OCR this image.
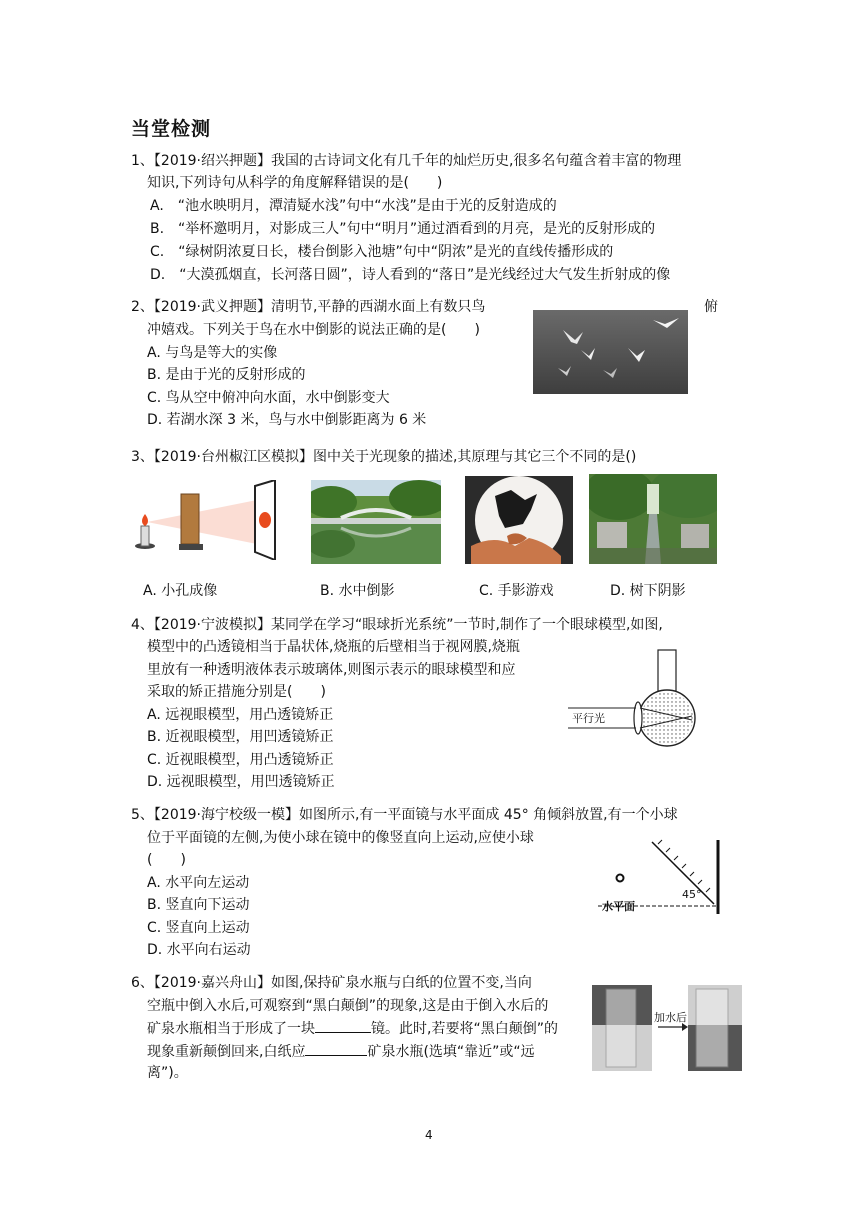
当堂检测
1、【2019·绍兴押题】我国的古诗词文化有几千年的灿烂历史,很多名句蕴含着丰富的物理
知识,下列诗句从科学的角度解释错误的是(　　)
A.　“池水映明月，潭清疑水浅”句中“水浅”是由于光的反射造成的
B.　“举杯邀明月，对影成三人”句中“明月”通过酒看到的月亮，是光的反射形成的
C.　“绿树阴浓夏日长，楼台倒影入池塘”句中“阴浓”是光的直线传播形成的
D.　“大漠孤烟直，长河落日圆”，诗人看到的“落日”是光线经过大气发生折射成的像
2、【2019·武义押题】清明节,平静的西湖水面上有数只鸟	俯
冲嬉戏。下列关于鸟在水中倒影的说法正确的是(　　)
A. 与鸟是等大的实像
B. 是由于光的反射形成的
C. 鸟从空中俯冲向水面，水中倒影变大
D. 若湖水深 3 米，鸟与水中倒影距离为 6 米
3、【2019·台州椒江区模拟】图中关于光现象的描述,其原理与其它三个不同的是()
A. 小孔成像	B. 水中倒影	C. 手影游戏	D. 树下阴影
4、【2019·宁波模拟】某同学在学习“眼球折光系统”一节时,制作了一个眼球模型,如图,
模型中的凸透镜相当于晶状体,烧瓶的后壁相当于视网膜,烧瓶
里放有一种透明液体表示玻璃体,则图示表示的眼球模型和应
采取的矫正措施分别是(　　)
A. 远视眼模型，用凸透镜矫正
B. 近视眼模型，用凹透镜矫正
C. 近视眼模型，用凸透镜矫正
D. 远视眼模型，用凹透镜矫正
平行光
5、【2019·海宁校级一模】如图所示,有一平面镜与水平面成 45° 角倾斜放置,有一个小球
位于平面镜的左侧,为使小球在镜中的像竖直向上运动,应使小球
(　　)
A. 水平向左运动
B. 竖直向下运动
C. 竖直向上运动
D. 水平向右运动
45°
水平面
6、【2019·嘉兴舟山】如图,保持矿泉水瓶与白纸的位置不变,当向
空瓶中倒入水后,可观察到“黑白颠倒”的现象,这是由于倒入水后的
矿泉水瓶相当于形成了一块	镜。此时,若要将“黑白颠倒”的
现象重新颠倒回来,白纸应	矿泉水瓶(选填“靠近”或“远
离”)。
加水后
4
